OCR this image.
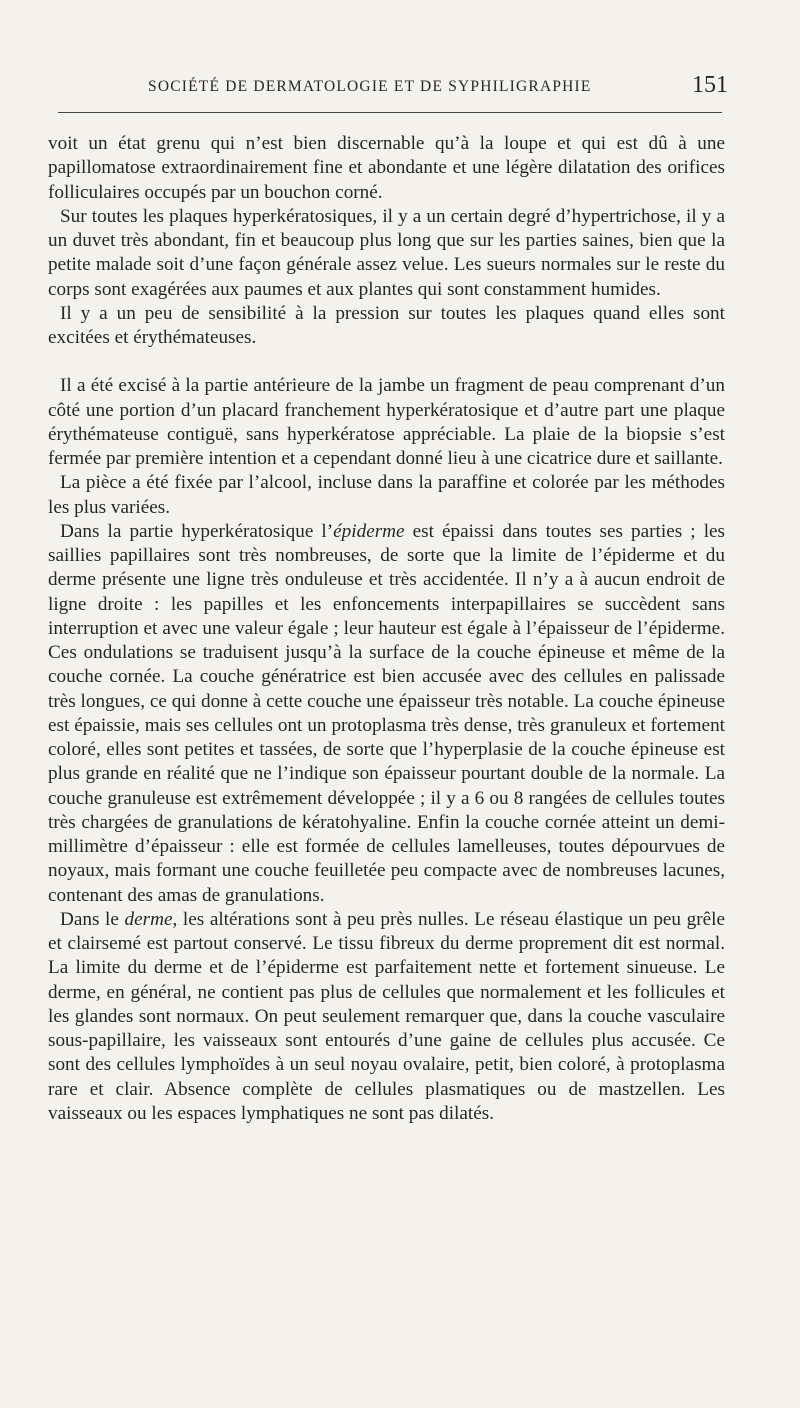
SOCIÉTÉ DE DERMATOLOGIE ET DE SYPHILIGRAPHIE	151

voit un état grenu qui n’est bien discernable qu’à la loupe et qui est dû à une papillomatose extraordinairement fine et abondante et une légère dilatation des orifices folliculaires occupés par un bouchon corné.

Sur toutes les plaques hyperkératosiques, il y a un certain degré d’hypertrichose, il y a un duvet très abondant, fin et beaucoup plus long que sur les parties saines, bien que la petite malade soit d’une façon générale assez velue. Les sueurs normales sur le reste du corps sont exagérées aux paumes et aux plantes qui sont constamment humides.

Il y a un peu de sensibilité à la pression sur toutes les plaques quand elles sont excitées et érythémateuses.

Il a été excisé à la partie antérieure de la jambe un fragment de peau comprenant d’un côté une portion d’un placard franchement hyperkératosique et d’autre part une plaque érythémateuse contiguë, sans hyperkératose appréciable. La plaie de la biopsie s’est fermée par première intention et a cependant donné lieu à une cicatrice dure et saillante.

La pièce a été fixée par l’alcool, incluse dans la paraffine et colorée par les méthodes les plus variées.

Dans la partie hyperkératosique l’épiderme est épaissi dans toutes ses parties ; les saillies papillaires sont très nombreuses, de sorte que la limite de l’épiderme et du derme présente une ligne très onduleuse et très accidentée. Il n’y a à aucun endroit de ligne droite : les papilles et les enfoncements interpapillaires se succèdent sans interruption et avec une valeur égale ; leur hauteur est égale à l’épaisseur de l’épiderme. Ces ondulations se traduisent jusqu’à la surface de la couche épineuse et même de la couche cornée. La couche génératrice est bien accusée avec des cellules en palissade très longues, ce qui donne à cette couche une épaisseur très notable. La couche épineuse est épaissie, mais ses cellules ont un protoplasma très dense, très granuleux et fortement coloré, elles sont petites et tassées, de sorte que l’hyperplasie de la couche épineuse est plus grande en réalité que ne l’indique son épaisseur pourtant double de la normale. La couche granuleuse est extrêmement développée ; il y a 6 ou 8 rangées de cellules toutes très chargées de granulations de kératohyaline. Enfin la couche cornée atteint un demi-millimètre d’épaisseur : elle est formée de cellules lamelleuses, toutes dépourvues de noyaux, mais formant une couche feuilletée peu compacte avec de nombreuses lacunes, contenant des amas de granulations.

Dans le derme, les altérations sont à peu près nulles. Le réseau élastique un peu grêle et clairsemé est partout conservé. Le tissu fibreux du derme proprement dit est normal. La limite du derme et de l’épiderme est parfaitement nette et fortement sinueuse. Le derme, en général, ne contient pas plus de cellules que normalement et les follicules et les glandes sont normaux. On peut seulement remarquer que, dans la couche vasculaire sous-papillaire, les vaisseaux sont entourés d’une gaine de cellules plus accusée. Ce sont des cellules lymphoïdes à un seul noyau ovalaire, petit, bien coloré, à protoplasma rare et clair. Absence complète de cellules plasmatiques ou de mastzellen. Les vaisseaux ou les espaces lymphatiques ne sont pas dilatés.
